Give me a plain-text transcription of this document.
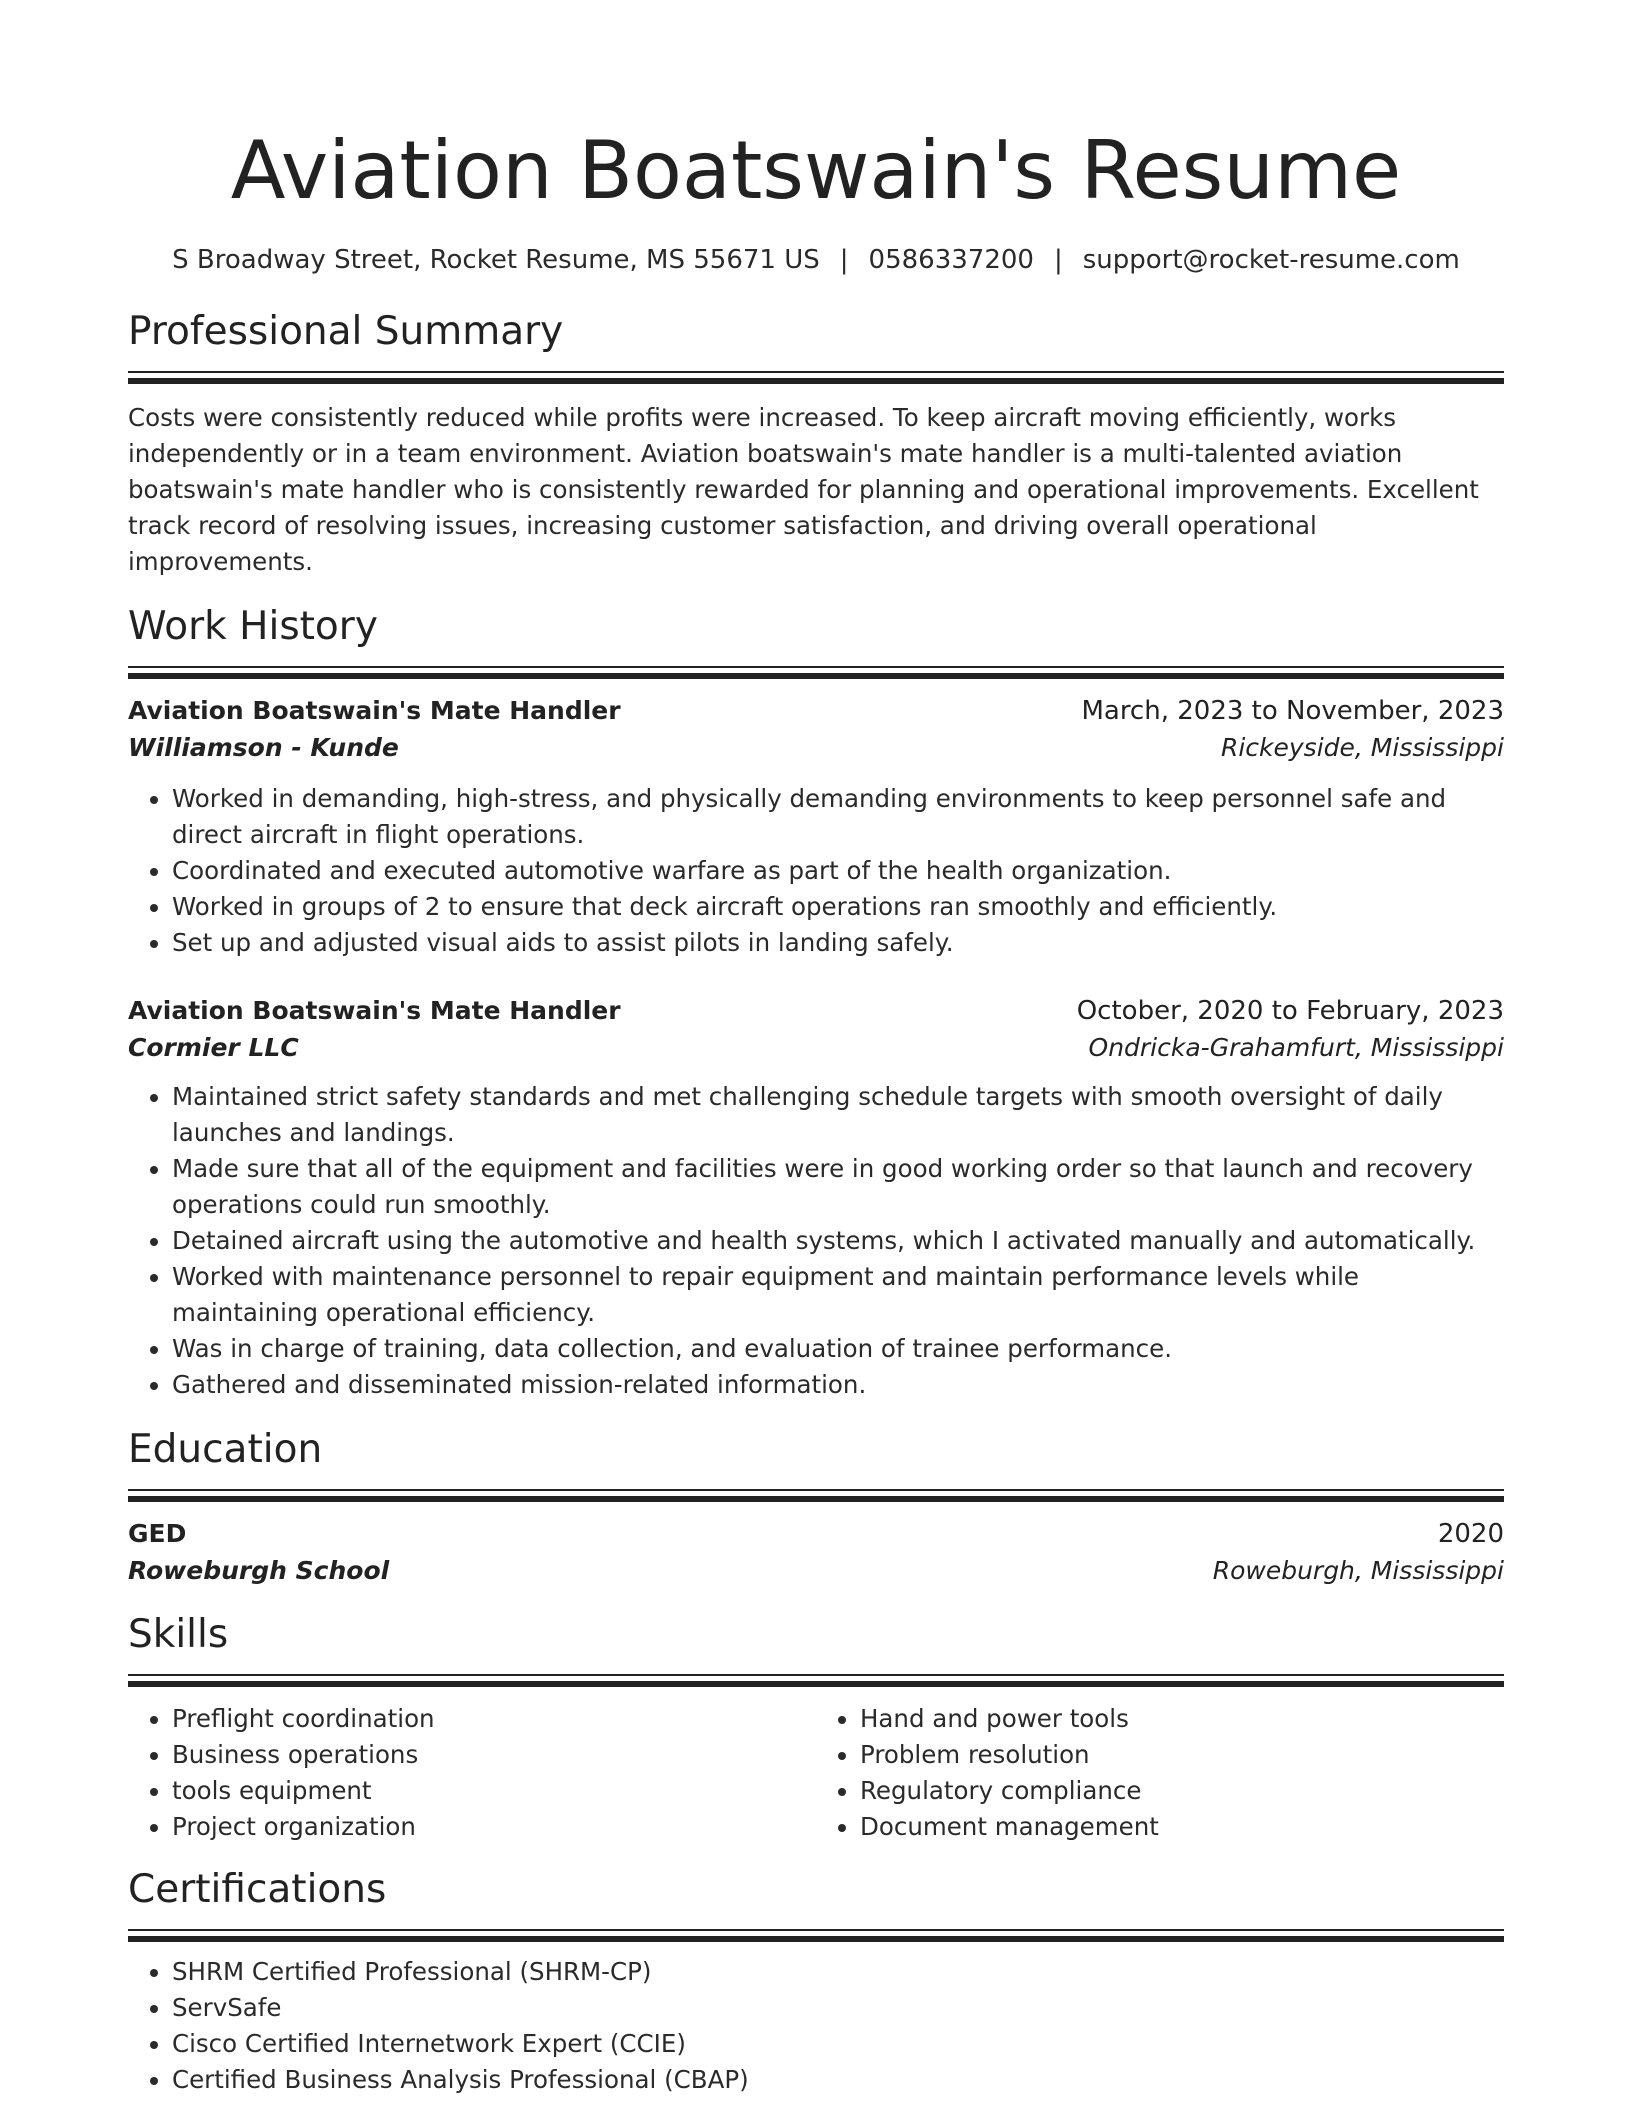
Aviation Boatswain's Resume
S Broadway Street, Rocket Resume, MS 55671 US | 0586337200 | support@rocket-resume.com
Professional Summary
Costs were consistently reduced while profits were increased. To keep aircraft moving efficiently, works independently or in a team environment. Aviation boatswain's mate handler is a multi-talented aviation boatswain's mate handler who is consistently rewarded for planning and operational improvements. Excellent track record of resolving issues, increasing customer satisfaction, and driving overall operational improvements.
Work History
Aviation Boatswain's Mate Handler	March, 2023 to November, 2023
Williamson - Kunde	Rickeyside, Mississippi
• Worked in demanding, high-stress, and physically demanding environments to keep personnel safe and direct aircraft in flight operations.
• Coordinated and executed automotive warfare as part of the health organization.
• Worked in groups of 2 to ensure that deck aircraft operations ran smoothly and efficiently.
• Set up and adjusted visual aids to assist pilots in landing safely.
Aviation Boatswain's Mate Handler	October, 2020 to February, 2023
Cormier LLC	Ondricka-Grahamfurt, Mississippi
• Maintained strict safety standards and met challenging schedule targets with smooth oversight of daily launches and landings.
• Made sure that all of the equipment and facilities were in good working order so that launch and recovery operations could run smoothly.
• Detained aircraft using the automotive and health systems, which I activated manually and automatically.
• Worked with maintenance personnel to repair equipment and maintain performance levels while maintaining operational efficiency.
• Was in charge of training, data collection, and evaluation of trainee performance.
• Gathered and disseminated mission-related information.
Education
GED	2020
Roweburgh School	Roweburgh, Mississippi
Skills
• Preflight coordination
• Business operations
• tools equipment
• Project organization
• Hand and power tools
• Problem resolution
• Regulatory compliance
• Document management
Certifications
• SHRM Certified Professional (SHRM-CP)
• ServSafe
• Cisco Certified Internetwork Expert (CCIE)
• Certified Business Analysis Professional (CBAP)
